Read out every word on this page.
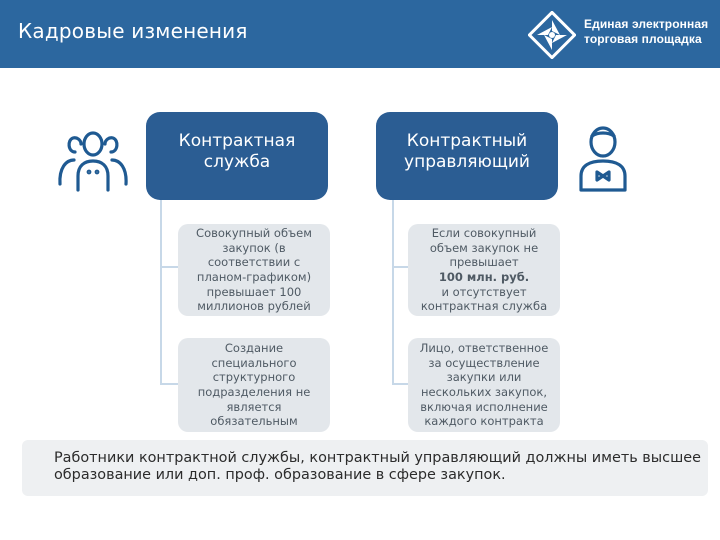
Кадровые изменения	Единая электронная
торговая площадка
Контрактная
служба
Контрактный
управляющий
Совокупный объем
закупок (в
соответствии с
планом-графиком)
превышает 100
миллионов рублей
Создание
специального
структурного
подразделения не
является
обязательным
Если совокупный
объем закупок не
превышает
100 млн. руб.
и отсутствует
контрактная служба
Лицо, ответственное
за осуществление
закупки или
нескольких закупок,
включая исполнение
каждого контракта
Работники контрактной службы, контрактный управляющий должны иметь высшее
образование или доп. проф. образование в сфере закупок.
